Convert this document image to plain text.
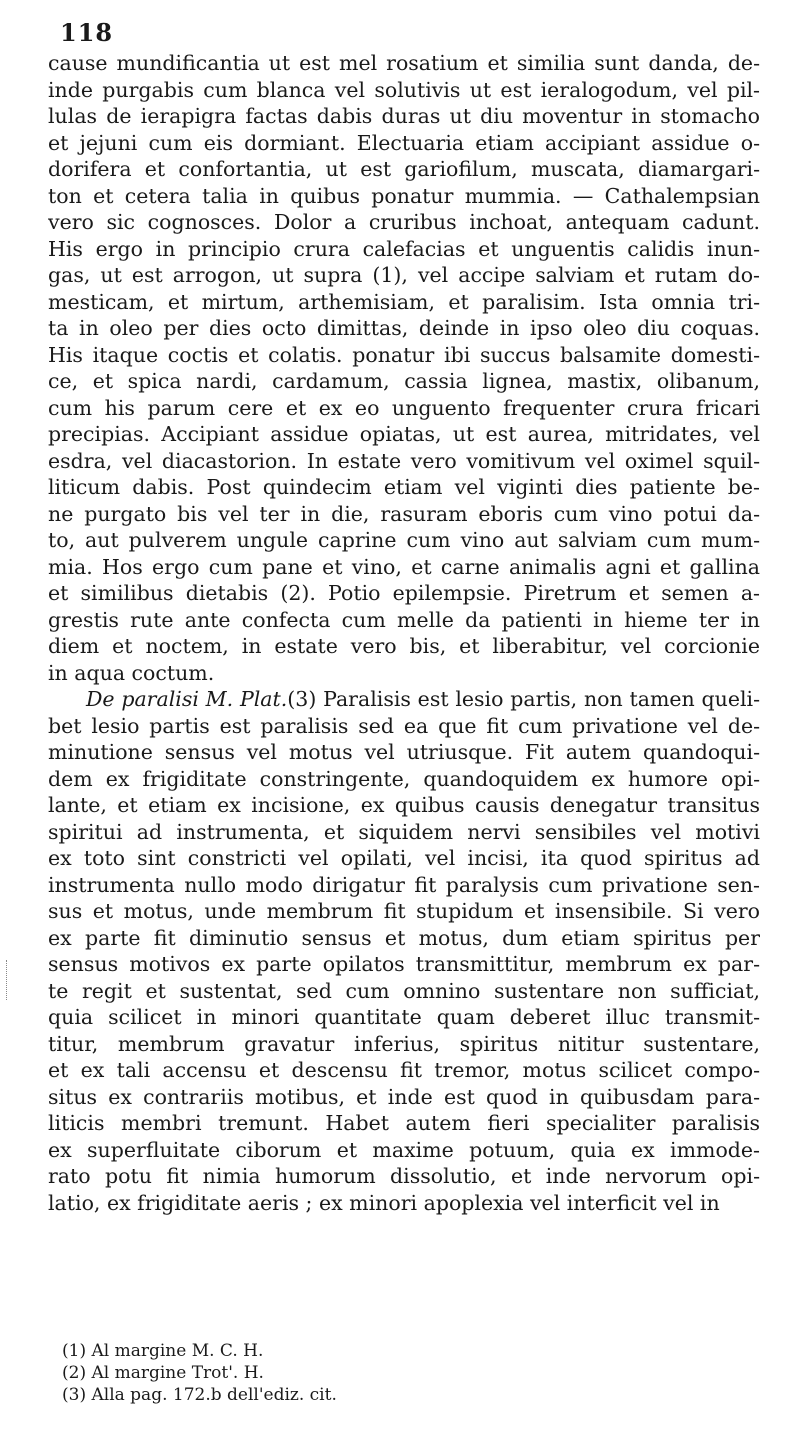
118
cause mundificantia ut est mel rosatium et similia sunt danda, de-
inde purgabis cum blanca vel solutivis ut est ieralogodum, vel pil-
lulas de ierapigra factas dabis duras ut diu moventur in stomacho
et jejuni cum eis dormiant. Electuaria etiam accipiant assidue o-
dorifera et confortantia, ut est gariofilum, muscata, diamargari-
ton et cetera talia in quibus ponatur mummia. — Cathalempsian
vero sic cognosces. Dolor a cruribus inchoat, antequam cadunt.
His ergo in principio crura calefacias et unguentis calidis inun-
gas, ut est arrogon, ut supra (1), vel accipe salviam et rutam do-
mesticam, et mirtum, arthemisiam, et paralisim. Ista omnia tri-
ta in oleo per dies octo dimittas, deinde in ipso oleo diu coquas.
His itaque coctis et colatis. ponatur ibi succus balsamite domesti-
ce, et spica nardi, cardamum, cassia lignea, mastix, olibanum,
cum his parum cere et ex eo unguento frequenter crura fricari
precipias. Accipiant assidue opiatas, ut est aurea, mitridates, vel
esdra, vel diacastorion. In estate vero vomitivum vel oximel squil-
liticum dabis. Post quindecim etiam vel viginti dies patiente be-
ne purgato bis vel ter in die, rasuram eboris cum vino potui da-
to, aut pulverem ungule caprine cum vino aut salviam cum mum-
mia. Hos ergo cum pane et vino, et carne animalis agni et gallina
et similibus dietabis (2). Potio epilempsie. Piretrum et semen a-
grestis rute ante confecta cum melle da patienti in hieme ter in
diem et noctem, in estate vero bis, et liberabitur, vel corcionie
in aqua coctum.
De paralisi M. Plat.(3) Paralisis est lesio partis, non tamen queli-
bet lesio partis est paralisis sed ea que fit cum privatione vel de-
minutione sensus vel motus vel utriusque. Fit autem quandoqui-
dem ex frigiditate constringente, quandoquidem ex humore opi-
lante, et etiam ex incisione, ex quibus causis denegatur transitus
spiritui ad instrumenta, et siquidem nervi sensibiles vel motivi
ex toto sint constricti vel opilati, vel incisi, ita quod spiritus ad
instrumenta nullo modo dirigatur fit paralysis cum privatione sen-
sus et motus, unde membrum fit stupidum et insensibile. Si vero
ex parte fit diminutio sensus et motus, dum etiam spiritus per
sensus motivos ex parte opilatos transmittitur, membrum ex par-
te regit et sustentat, sed cum omnino sustentare non sufficiat,
quia scilicet in minori quantitate quam deberet illuc transmit-
titur, membrum gravatur inferius, spiritus nititur sustentare,
et ex tali accensu et descensu fit tremor, motus scilicet compo-
situs ex contrariis motibus, et inde est quod in quibusdam para-
liticis membri tremunt. Habet autem fieri specialiter paralisis
ex superfluitate ciborum et maxime potuum, quia ex immode-
rato potu fit nimia humorum dissolutio, et inde nervorum opi-
latio, ex frigiditate aeris ; ex minori apoplexia vel interficit vel in
(1) Al margine M. C. H.
(2) Al margine Trot'. H.
(3) Alla pag. 172.b dell'ediz. cit.
